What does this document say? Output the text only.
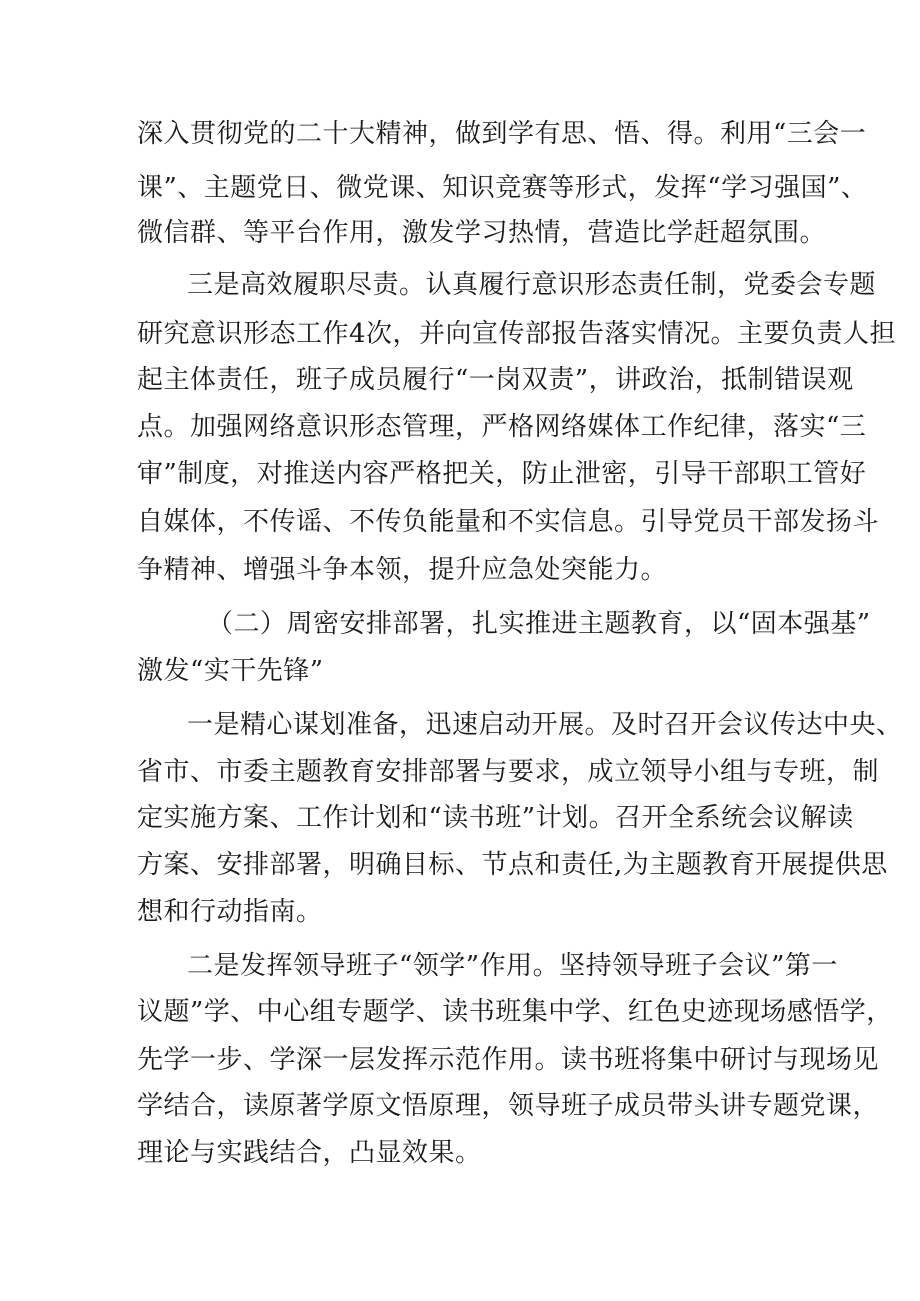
深入贯彻党的二十大精神，做到学有思、悟、得。利用“三会一
课”、主题党日、微党课、知识竞赛等形式，发挥“学习强国”、
微信群、等平台作用，激发学习热情，营造比学赶超氛围。
三是高效履职尽责。认真履行意识形态责任制，党委会专题
研究意识形态工作4次，并向宣传部报告落实情况。主要负责人担
起主体责任，班子成员履行“一岗双责”，讲政治，抵制错误观
点。加强网络意识形态管理，严格网络媒体工作纪律，落实“三
审”制度，对推送内容严格把关，防止泄密，引导干部职工管好
自媒体，不传谣、不传负能量和不实信息。引导党员干部发扬斗
争精神、增强斗争本领，提升应急处突能力。
（二）周密安排部署，扎实推进主题教育，以“固本强基”
激发“实干先锋”
一是精心谋划准备，迅速启动开展。及时召开会议传达中央、
省市、市委主题教育安排部署与要求，成立领导小组与专班，制
定实施方案、工作计划和“读书班”计划。召开全系统会议解读
方案、安排部署，明确目标、节点和责任,为主题教育开展提供思
想和行动指南。
二是发挥领导班子“领学”作用。坚持领导班子会议”第一
议题”学、中心组专题学、读书班集中学、红色史迹现场感悟学，
先学一步、学深一层发挥示范作用。读书班将集中研讨与现场见
学结合，读原著学原文悟原理，领导班子成员带头讲专题党课，
理论与实践结合，凸显效果。
